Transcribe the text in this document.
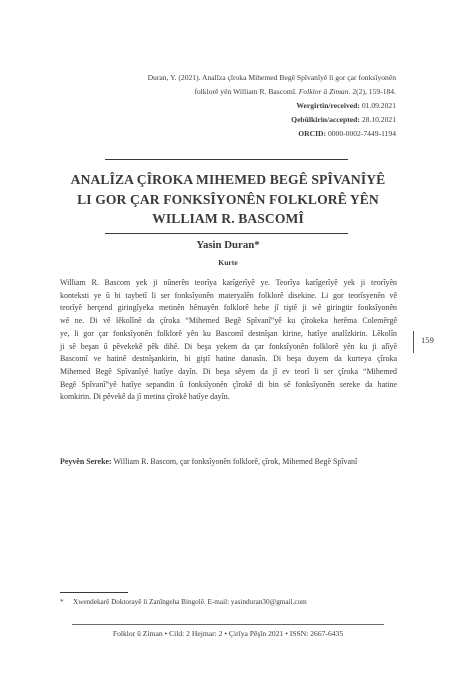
Duran, Y. (2021). Analîza çîroka Mihemed Begê Spîvanîyê li gor çar fonksîyonên
folklorê yên William R. Bascomî. Folklor û Ziman. 2(2), 159-184.
Wergirtin/received: 01.09.2021
Qebûlkirin/accepted: 28.10.2021
ORCID: 0000-0002-7449-1194
ANALÎZA ÇÎROKA MIHEMED BEGÊ SPÎVANÎYÊ
LI GOR ÇAR FONKSÎYONÊN FOLKLORÊ YÊN
WILLIAM R. BASCOMÎ
Yasin Duran*
Kurte
William R. Bascom yek ji nûnerên teorîya karîgerîyê ye. Teorîya karîgerîyê yek ji teorîyên
konteksti ye û bi taybetî li ser fonksîyonên materyalên folklorê disekine. Li gor teorîsyenên vê
teorîyê herçend giringîyeka metinên hêmayên folklorê hebe jî tiştê ji wê giringtir fonksîyonên
wê ne. Di vê lêkolînê da çîroka “Mihemed Begê Spîvanî”yê ku çîrokeka herêma Colemêrgê
ye, li gor çar fonksîyonên folklorê yên ku Bascomî destnîşan kirine, hatîye analîzkirin. Lêkolîn
ji sê beşan û pêvekekê pêk dihê. Di beşa yekem da çar fonksîyonên folklorê yên ku ji alîyê
Bascomî ve hatinê destnîşankirin, bi giştî hatine danasîn. Di beşa duyem da kurteya çîroka
Mihemed Begê Spîvanîyê hatîye dayîn. Di beşa sêyem da jî ev teorî li ser çîroka “Mihemed
Begê Spîvanî”yê hatîye sepandin û fonksîyonên çîrokê di bin sê fonksîyonên sereke da hatine
komkirin. Di pêvekê da jî metina çîrokê hatîye dayîn.
Peyvên Sereke: William R. Bascom, çar fonksîyonên folklorê, çîrok, Mihemed Begê Spîvanî
159
* Xwendekarê Doktorayê li Zanîngeha Bingolê. E-mail: yasinduran30@gmail.com
Folklor û Ziman • Cild: 2 Hejmar: 2 • Çirîya Pêşîn 2021 • ISSN: 2667-6435
